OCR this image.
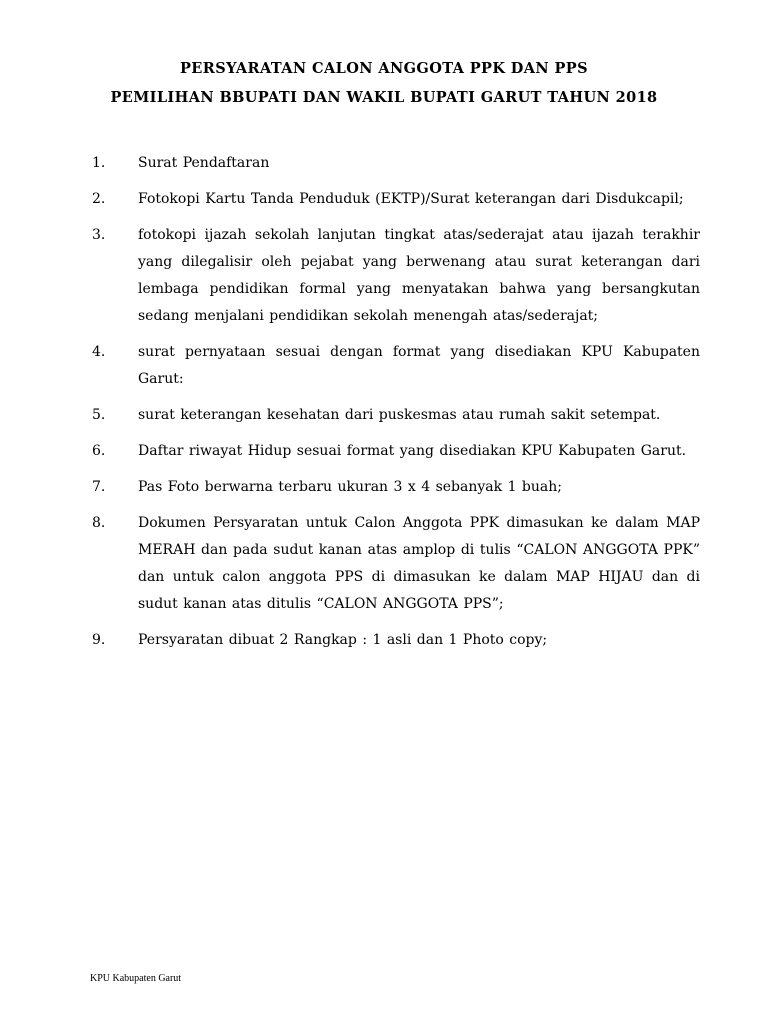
PERSYARATAN CALON ANGGOTA PPK DAN PPS
PEMILIHAN BBUPATI DAN WAKIL BUPATI GARUT TAHUN 2018
1.	Surat Pendaftaran
2.	Fotokopi Kartu Tanda Penduduk (EKTP)/Surat keterangan dari Disdukcapil;
3.	fotokopi ijazah sekolah lanjutan tingkat atas/sederajat atau ijazah terakhir yang dilegalisir oleh pejabat yang berwenang atau surat keterangan dari lembaga pendidikan formal yang menyatakan bahwa yang bersangkutan sedang menjalani pendidikan sekolah menengah atas/sederajat;
4.	surat pernyataan sesuai dengan format yang disediakan KPU Kabupaten Garut:
5.	surat keterangan kesehatan dari puskesmas atau rumah sakit setempat.
6.	Daftar riwayat Hidup sesuai format yang disediakan KPU Kabupaten Garut.
7.	Pas Foto berwarna terbaru ukuran 3 x 4 sebanyak 1 buah;
8.	Dokumen Persyaratan untuk Calon Anggota PPK dimasukan ke dalam MAP MERAH dan pada sudut kanan atas amplop di tulis “CALON ANGGOTA PPK” dan untuk calon anggota PPS di dimasukan ke dalam MAP HIJAU dan di sudut kanan atas ditulis “CALON ANGGOTA PPS”;
9.	Persyaratan dibuat 2 Rangkap : 1 asli dan 1 Photo copy;
KPU Kabupaten Garut
